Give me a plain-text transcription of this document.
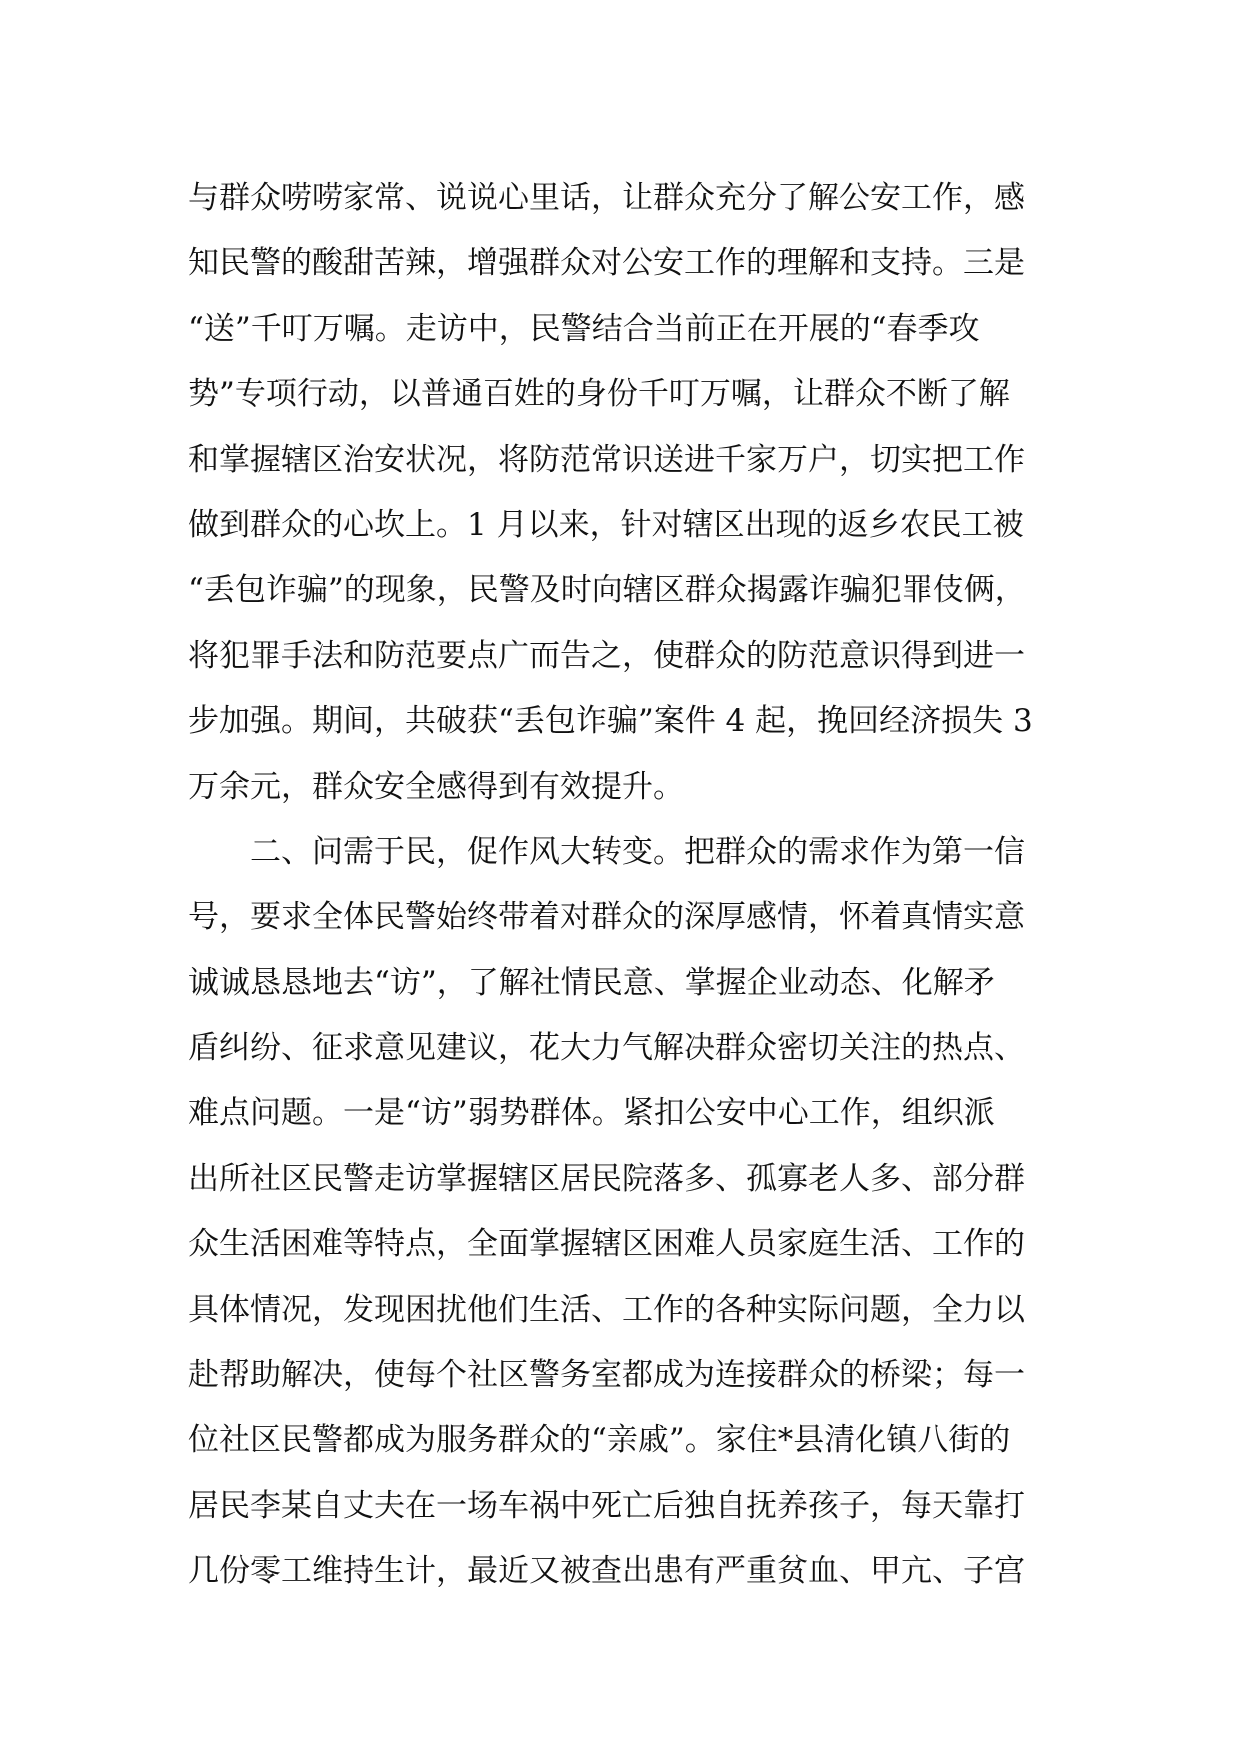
与群众唠唠家常、说说心里话，让群众充分了解公安工作，感
知民警的酸甜苦辣，增强群众对公安工作的理解和支持。三是
“送”千叮万嘱。走访中，民警结合当前正在开展的“春季攻
势”专项行动，以普通百姓的身份千叮万嘱，让群众不断了解
和掌握辖区治安状况，将防范常识送进千家万户，切实把工作
做到群众的心坎上。1 月以来，针对辖区出现的返乡农民工被
“丢包诈骗”的现象，民警及时向辖区群众揭露诈骗犯罪伎俩，
将犯罪手法和防范要点广而告之，使群众的防范意识得到进一
步加强。期间，共破获“丢包诈骗”案件 4 起，挽回经济损失 3
万余元，群众安全感得到有效提升。
二、问需于民，促作风大转变。把群众的需求作为第一信
号，要求全体民警始终带着对群众的深厚感情，怀着真情实意
诚诚恳恳地去“访”，了解社情民意、掌握企业动态、化解矛
盾纠纷、征求意见建议，花大力气解决群众密切关注的热点、
难点问题。一是“访”弱势群体。紧扣公安中心工作，组织派
出所社区民警走访掌握辖区居民院落多、孤寡老人多、部分群
众生活困难等特点，全面掌握辖区困难人员家庭生活、工作的
具体情况，发现困扰他们生活、工作的各种实际问题，全力以
赴帮助解决，使每个社区警务室都成为连接群众的桥梁；每一
位社区民警都成为服务群众的“亲戚”。家住*县清化镇八街的
居民李某自丈夫在一场车祸中死亡后独自抚养孩子，每天靠打
几份零工维持生计，最近又被查出患有严重贫血、甲亢、子宫
